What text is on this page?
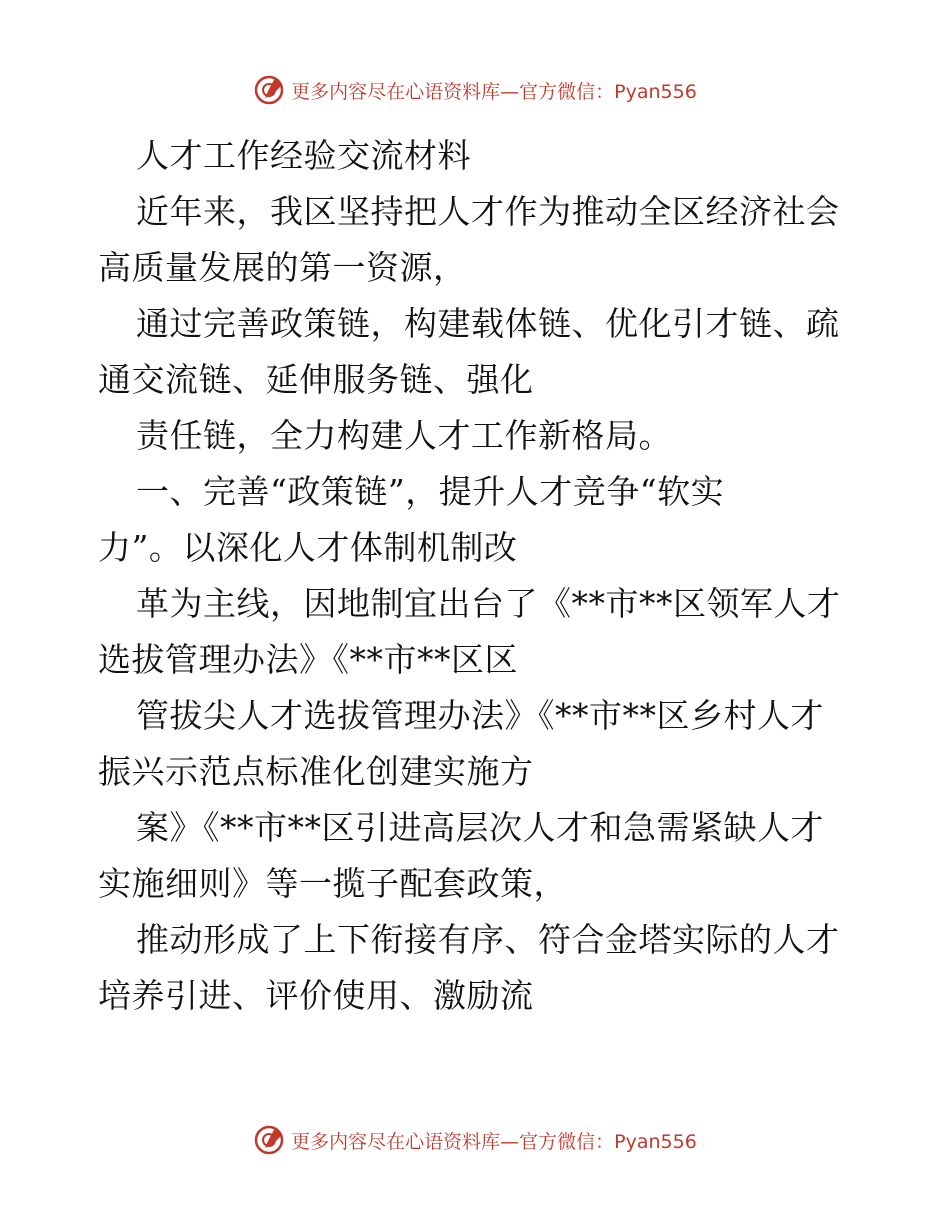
更多内容尽在心语资料库—官方微信：Pyan556
人才工作经验交流材料
近年来，我区坚持把人才作为推动全区经济社会
高质量发展的第一资源，
通过完善政策链，构建载体链、优化引才链、疏
通交流链、延伸服务链、强化
责任链，全力构建人才工作新格局。
一、完善“政策链”，提升人才竞争“软实
力”。以深化人才体制机制改
革为主线，因地制宜出台了《**市**区领军人才
选拔管理办法》《**市**区区
管拔尖人才选拔管理办法》《**市**区乡村人才
振兴示范点标准化创建实施方
案》《**市**区引进高层次人才和急需紧缺人才
实施细则》等一揽子配套政策，
推动形成了上下衔接有序、符合金塔实际的人才
培养引进、评价使用、激励流
更多内容尽在心语资料库—官方微信：Pyan556
